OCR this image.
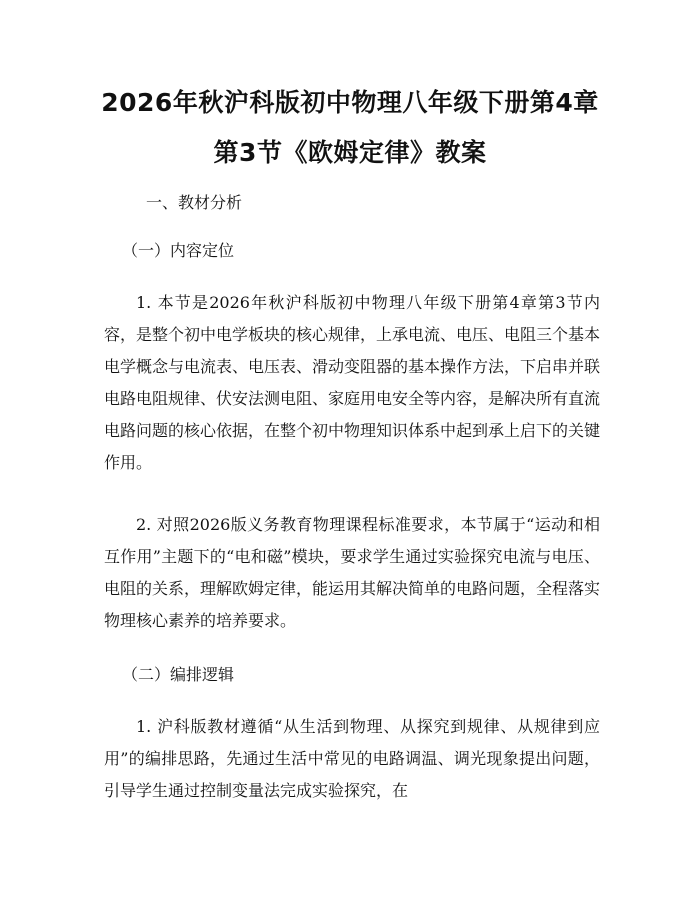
2026年秋沪科版初中物理八年级下册第4章
第3节《欧姆定律》教案
一、教材分析
（一）内容定位
1. 本节是2026年秋沪科版初中物理八年级下册第4章第3节内容，是整个初中电学板块的核心规律，上承电流、电压、电阻三个基本电学概念与电流表、电压表、滑动变阻器的基本操作方法，下启串并联电路电阻规律、伏安法测电阻、家庭用电安全等内容，是解决所有直流电路问题的核心依据，在整个初中物理知识体系中起到承上启下的关键作用。
2. 对照2026版义务教育物理课程标准要求，本节属于“运动和相互作用”主题下的“电和磁”模块，要求学生通过实验探究电流与电压、电阻的关系，理解欧姆定律，能运用其解决简单的电路问题，全程落实物理核心素养的培养要求。
（二）编排逻辑
1. 沪科版教材遵循“从生活到物理、从探究到规律、从规律到应用”的编排思路，先通过生活中常见的电路调温、调光现象提出问题，引导学生通过控制变量法完成实验探究，在
